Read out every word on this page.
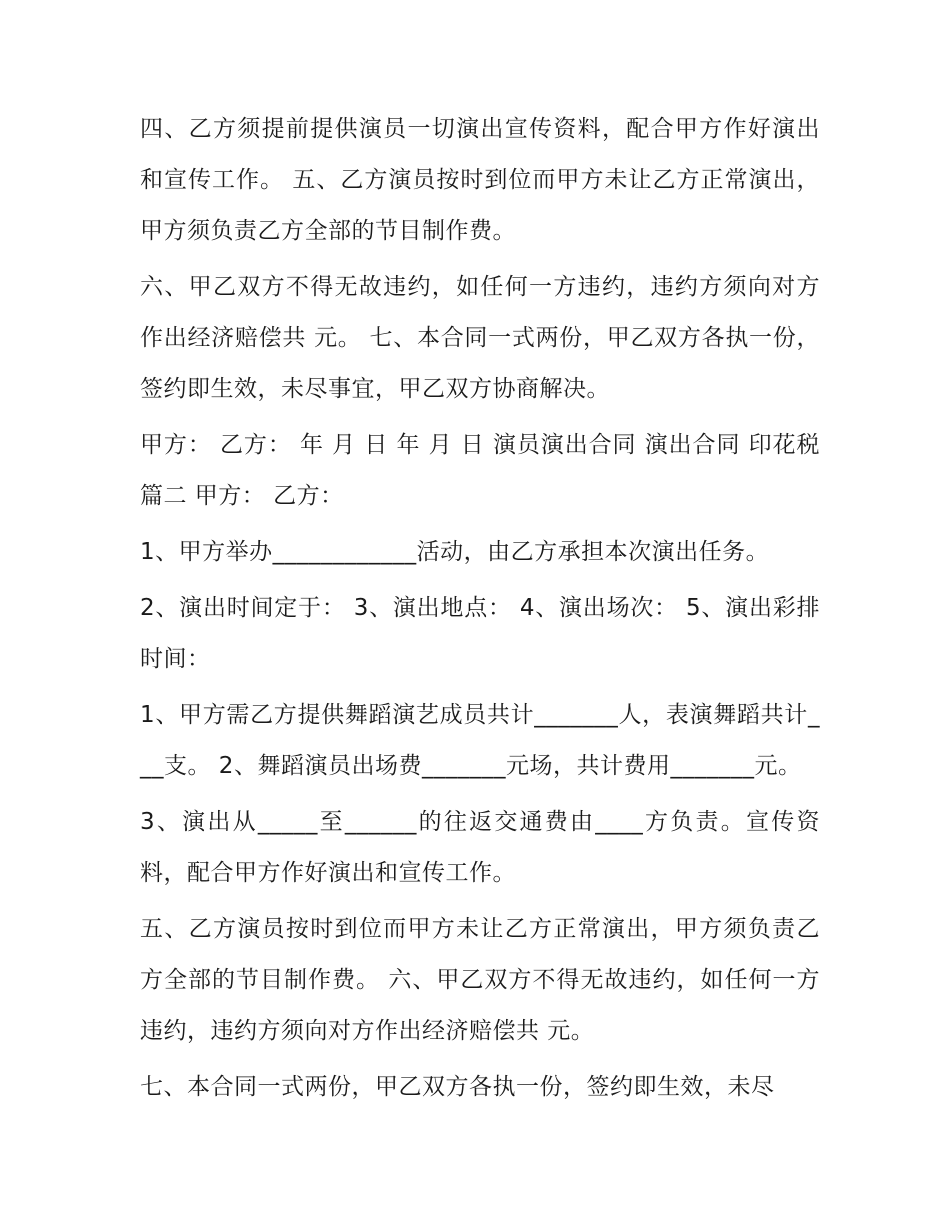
四、乙方须提前提供演员一切演出宣传资料，配合甲方作好演出和宣传工作。 五、乙方演员按时到位而甲方未让乙方正常演出，甲方须负责乙方全部的节目制作费。

六、甲乙双方不得无故违约，如任何一方违约，违约方须向对方作出经济赔偿共 元。 七、本合同一式两份，甲乙双方各执一份，签约即生效，未尽事宜，甲乙双方协商解决。

甲方： 乙方： 年 月 日 年 月 日 演员演出合同 演出合同 印花税篇二 甲方： 乙方：

1、甲方举办____________活动，由乙方承担本次演出任务。

2、演出时间定于： 3、演出地点： 4、演出场次： 5、演出彩排时间：

1、甲方需乙方提供舞蹈演艺成员共计_______人，表演舞蹈共计___支。 2、舞蹈演员出场费_______元场，共计费用_______元。

3、演出从_____至______的往返交通费由____方负责。宣传资料，配合甲方作好演出和宣传工作。

五、乙方演员按时到位而甲方未让乙方正常演出，甲方须负责乙方全部的节目制作费。 六、甲乙双方不得无故违约，如任何一方违约，违约方须向对方作出经济赔偿共 元。

七、本合同一式两份，甲乙双方各执一份，签约即生效，未尽
